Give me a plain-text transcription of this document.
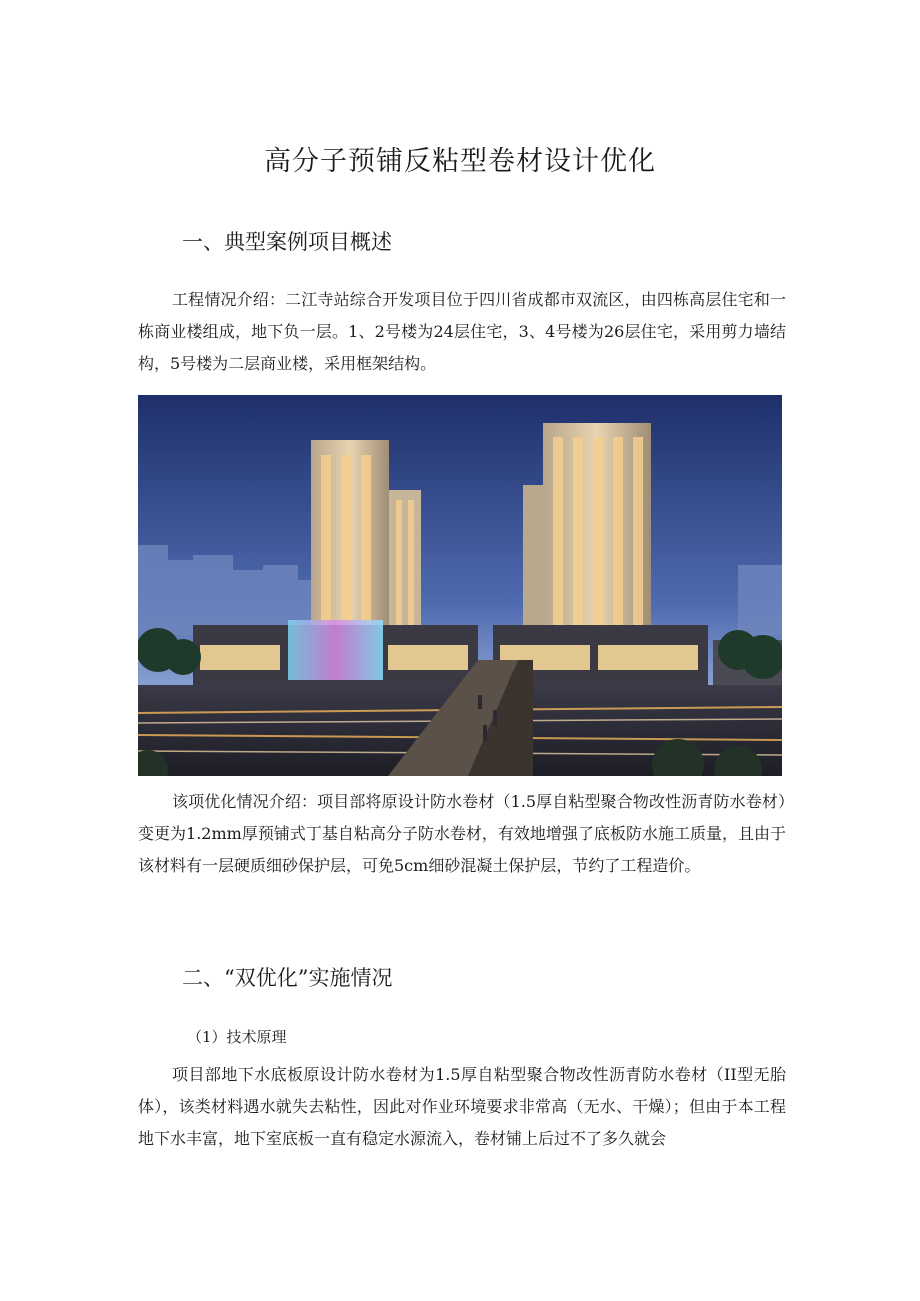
高分子预铺反粘型卷材设计优化
一、典型案例项目概述

工程情况介绍：二江寺站综合开发项目位于四川省成都市双流区，由四栋高层住宅和一栋商业楼组成，地下负一层。1、2号楼为24层住宅，3、4号楼为26层住宅，采用剪力墙结构，5号楼为二层商业楼，采用框架结构。

该项优化情况介绍：项目部将原设计防水卷材（1.5厚自粘型聚合物改性沥青防水卷材）变更为1.2mm厚预铺式丁基自粘高分子防水卷材，有效地增强了底板防水施工质量，且由于该材料有一层硬质细砂保护层，可免5cm细砂混凝土保护层，节约了工程造价。

二、“双优化”实施情况
（1）技术原理

项目部地下水底板原设计防水卷材为1.5厚自粘型聚合物改性沥青防水卷材（II型无胎体），该类材料遇水就失去粘性，因此对作业环境要求非常高（无水、干燥）；但由于本工程地下水丰富，地下室底板一直有稳定水源流入，卷材铺上后过不了多久就会
